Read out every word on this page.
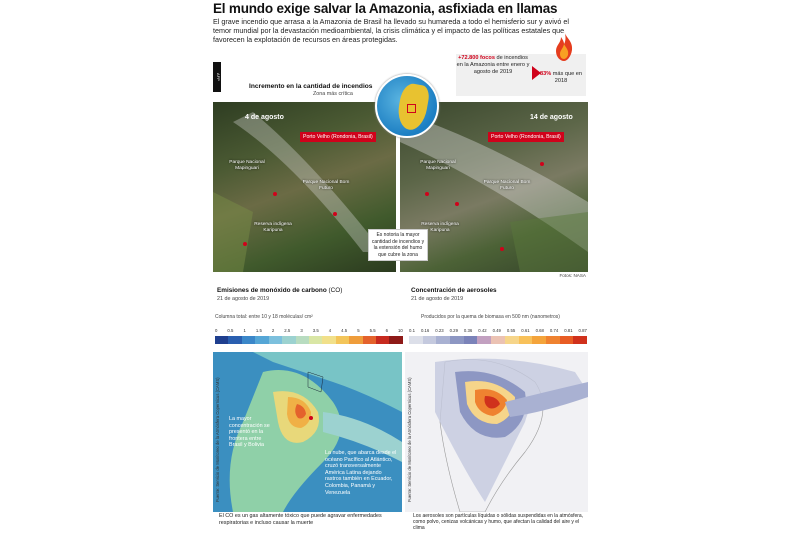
El mundo exige salvar la Amazonia, asfixiada en llamas
El grave incendio que arrasa a la Amazonia de Brasil ha llevado su humareda a todo el hemisferio sur y avivó el temor mundial por la devastación medioambiental, la crisis climática y el impacto de las políticas estatales que favorecen la explotación de recursos en áreas protegidas.
+72.800 focos de incendios en la Amazonia entre enero y agosto de 2019	83% más que en 2018
AFP
Incremento en la cantidad de incendios
Zona más crítica
4 de agosto
Porto Velho (Rondonia, Brasil)
Parque Nacional Mapinguari
Parque Nacional Bom Futuro
Reserva indígena Karipuna
14 de agosto
Porto Velho (Rondonia, Brasil)
Parque Nacional Mapinguari
Parque Nacional Bom Futuro
Reserva indígena Karipuna
Es notoria la mayor cantidad de incendios y la extensión del humo que cubre la zona
Fotos: NASA
Emisiones de monóxido de carbono (CO)
21 de agosto de 2019
Columna total: entre 10 y 18 moléculas/ cm²
0 0.5 1 1.5 2 2.5 3 3.5 4 4.5 5 5.5 6 10
Fuente: Servicio de Monitoreo de la Atmósfera Copernicus (CAMS) La mayor concentración se presentó en la frontera entre Brasil y Bolivia
La nube, que abarca desde el océano Pacífico al Atlántico, cruzó transversalmente América Latina dejando rastros también en Ecuador, Colombia, Panamá y Venezuela
El CO es un gas altamente tóxico que puede agravar enfermedades respiratorias e incluso causar la muerte
Concentración de aerosoles
21 de agosto de 2019
Producidos por la quema de biomasa en 500 nm (nanometros)
0.1 0.16 0.23 0.29 0.36 0.42 0.49 0.55 0.61 0.68 0.74 0.81 0.87
Fuente: Servicio de Monitoreo de la Atmósfera Copernicus (CAMS)
Los aerosoles son partículas líquidas o sólidas suspendidas en la atmósfera, como polvo, cenizas volcánicas y humo, que afectan la calidad del aire y el clima
